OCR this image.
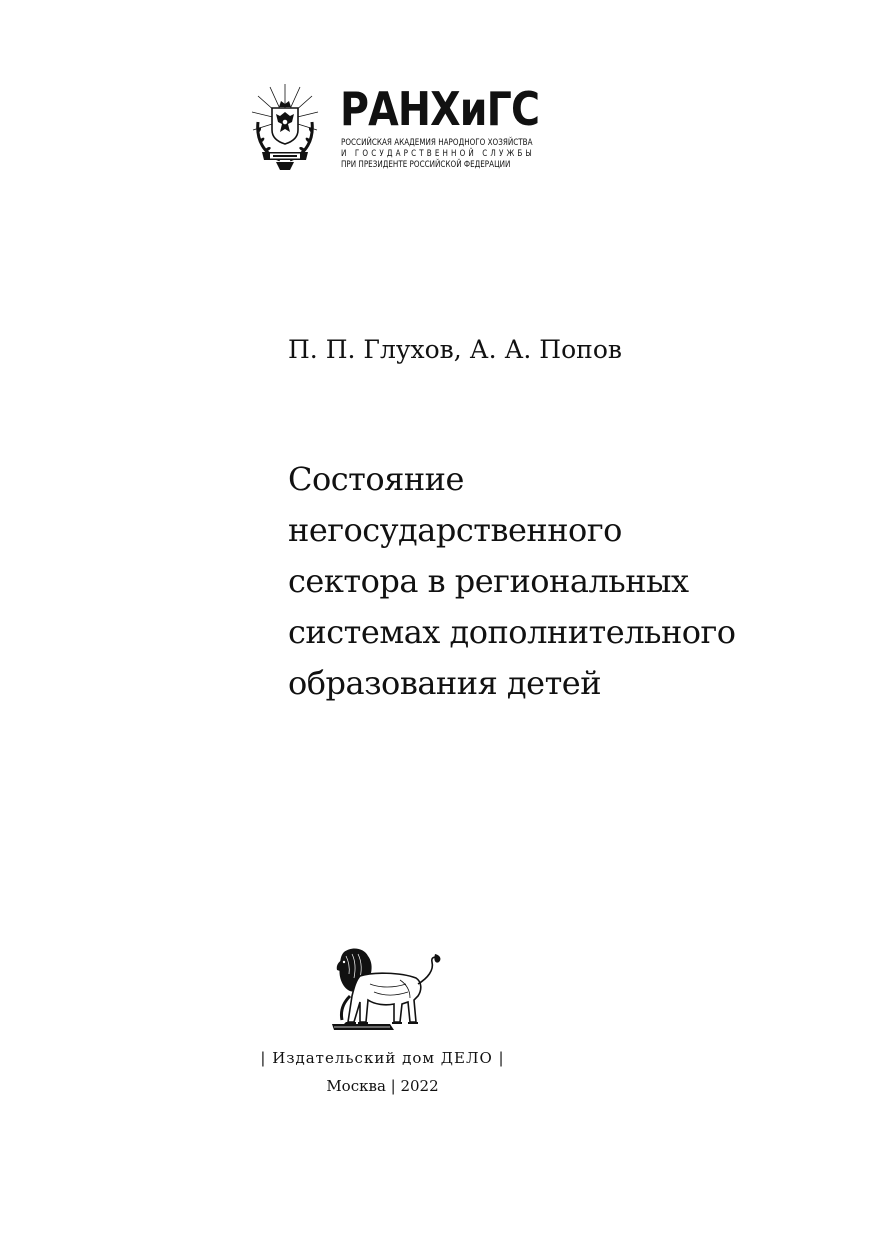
РАНХиГС
РОССИЙСКАЯ АКАДЕМИЯ НАРОДНОГО ХОЗЯЙСТВА
И ГОСУДАРСТВЕННОЙ СЛУЖБЫ
ПРИ ПРЕЗИДЕНТЕ РОССИЙСКОЙ ФЕДЕРАЦИИ
П. П. Глухов, А. А. Попов
Состояние
негосударственного
сектора в региональных
системах дополнительного
образования детей
| Издательский дом ДЕЛО |
Москва | 2022
